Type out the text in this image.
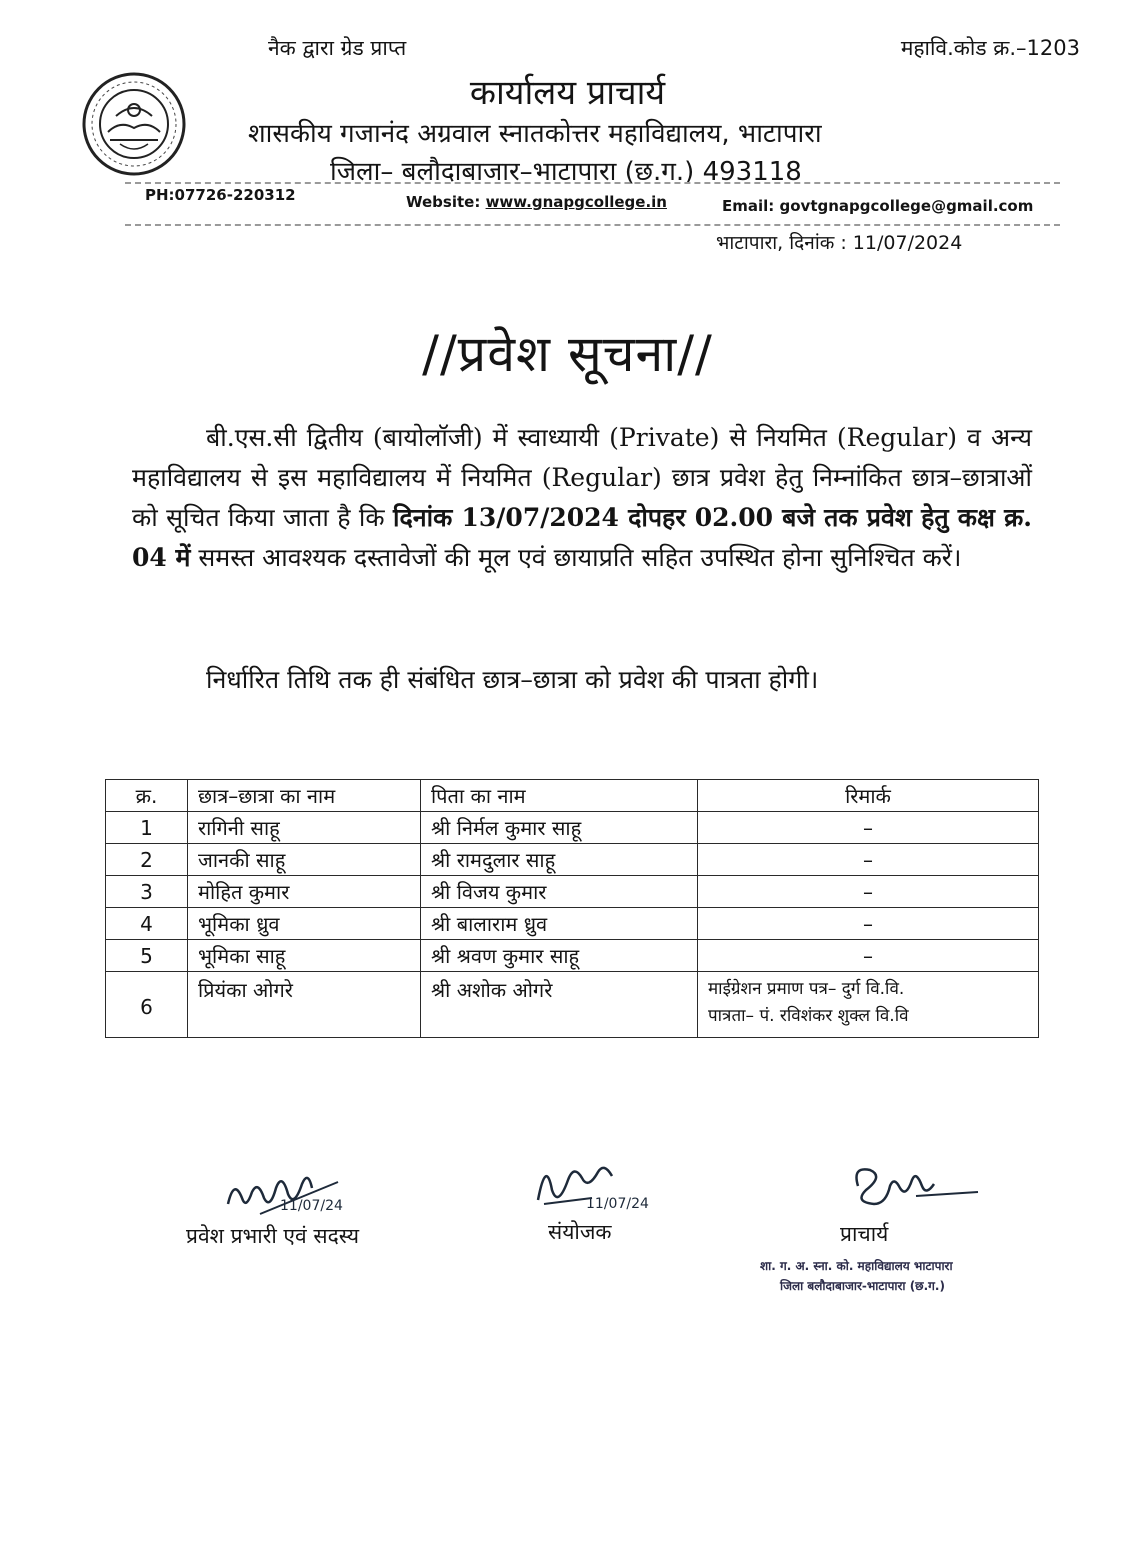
नैक द्वारा ग्रेड प्राप्त	महावि.कोड क्र.–1203
कार्यालय प्राचार्य
शासकीय गजानंद अग्रवाल स्नातकोत्तर महाविद्यालय, भाटापारा
जिला– बलौदाबाजार–भाटापारा (छ.ग.) 493118
PH:07726-220312	Website: www.gnapgcollege.in	Email: govtgnapgcollege@gmail.com
भाटापारा, दिनांक : 11/07/2024
//प्रवेश सूचना//
बी.एस.सी द्वितीय (बायोलॉजी) में स्वाध्यायी (Private) से नियमित (Regular) व अन्य महाविद्यालय से इस महाविद्यालय में नियमित (Regular) छात्र प्रवेश हेतु निम्नांकित छात्र–छात्राओं को सूचित किया जाता है कि दिनांक 13/07/2024 दोपहर 02.00 बजे तक प्रवेश हेतु कक्ष क्र. 04 में समस्त आवश्यक दस्तावेजों की मूल एवं छायाप्रति सहित उपस्थित होना सुनिश्चित करें।
निर्धारित तिथि तक ही संबंधित छात्र–छात्रा को प्रवेश की पात्रता होगी।
क्र.	छात्र–छात्रा का नाम	पिता का नाम	रिमार्क
1	रागिनी साहू	श्री निर्मल कुमार साहू	–
2	जानकी साहू	श्री रामदुलार साहू	–
3	मोहित कुमार	श्री विजय कुमार	–
4	भूमिका ध्रुव	श्री बालाराम ध्रुव	–
5	भूमिका साहू	श्री श्रवण कुमार साहू	–
6	प्रियंका ओगरे	श्री अशोक ओगरे	माईग्रेशन प्रमाण पत्र– दुर्ग वि.वि.
पात्रता– पं. रविशंकर शुक्ल वि.वि
11/07/24
प्रवेश प्रभारी एवं सदस्य
11/07/24
संयोजक	प्राचार्य
शा. ग. अ. स्ना. को. महाविद्यालय भाटापारा
जिला बलौदाबाजार-भाटापारा (छ.ग.)
